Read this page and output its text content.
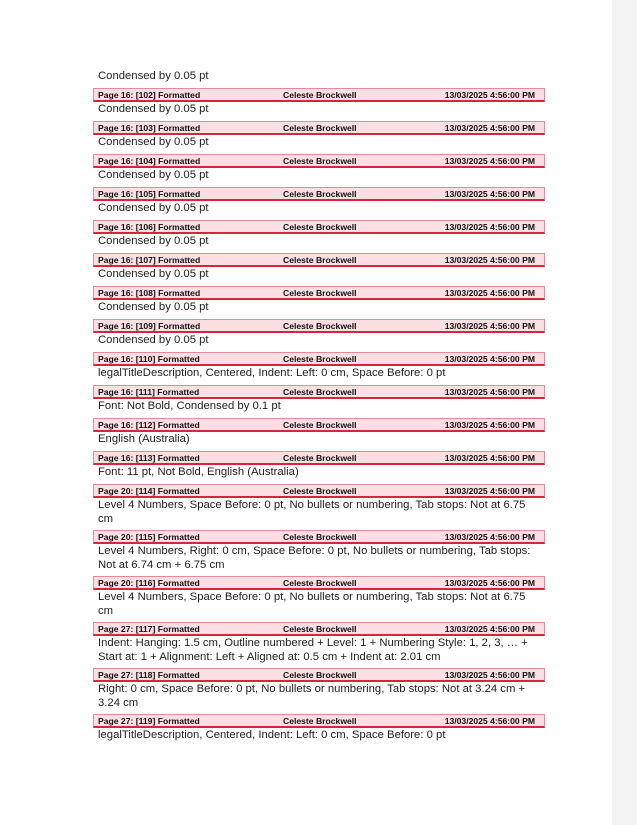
Condensed by 0.05 pt
Page 16: [102] Formatted	Celeste Brockwell	13/03/2025 4:56:00 PM
Condensed by 0.05 pt
Page 16: [103] Formatted	Celeste Brockwell	13/03/2025 4:56:00 PM
Condensed by 0.05 pt
Page 16: [104] Formatted	Celeste Brockwell	13/03/2025 4:56:00 PM
Condensed by 0.05 pt
Page 16: [105] Formatted	Celeste Brockwell	13/03/2025 4:56:00 PM
Condensed by 0.05 pt
Page 16: [106] Formatted	Celeste Brockwell	13/03/2025 4:56:00 PM
Condensed by 0.05 pt
Page 16: [107] Formatted	Celeste Brockwell	13/03/2025 4:56:00 PM
Condensed by 0.05 pt
Page 16: [108] Formatted	Celeste Brockwell	13/03/2025 4:56:00 PM
Condensed by 0.05 pt
Page 16: [109] Formatted	Celeste Brockwell	13/03/2025 4:56:00 PM
Condensed by 0.05 pt
Page 16: [110] Formatted	Celeste Brockwell	13/03/2025 4:56:00 PM
legalTitleDescription, Centered, Indent: Left: 0 cm, Space Before: 0 pt
Page 16: [111] Formatted	Celeste Brockwell	13/03/2025 4:56:00 PM
Font: Not Bold, Condensed by 0.1 pt
Page 16: [112] Formatted	Celeste Brockwell	13/03/2025 4:56:00 PM
English (Australia)
Page 16: [113] Formatted	Celeste Brockwell	13/03/2025 4:56:00 PM
Font: 11 pt, Not Bold, English (Australia)
Page 20: [114] Formatted	Celeste Brockwell	13/03/2025 4:56:00 PM
Level 4 Numbers, Space Before: 0 pt, No bullets or numbering, Tab stops: Not at 6.75 cm
Page 20: [115] Formatted	Celeste Brockwell	13/03/2025 4:56:00 PM
Level 4 Numbers, Right: 0 cm, Space Before: 0 pt, No bullets or numbering, Tab stops: Not at 6.74 cm + 6.75 cm
Page 20: [116] Formatted	Celeste Brockwell	13/03/2025 4:56:00 PM
Level 4 Numbers, Space Before: 0 pt, No bullets or numbering, Tab stops: Not at 6.75 cm
Page 27: [117] Formatted	Celeste Brockwell	13/03/2025 4:56:00 PM
Indent: Hanging: 1.5 cm, Outline numbered + Level: 1 + Numbering Style: 1, 2, 3, … + Start at: 1 + Alignment: Left + Aligned at: 0.5 cm + Indent at: 2.01 cm
Page 27: [118] Formatted	Celeste Brockwell	13/03/2025 4:56:00 PM
Right: 0 cm, Space Before: 0 pt, No bullets or numbering, Tab stops: Not at 3.24 cm + 3.24 cm
Page 27: [119] Formatted	Celeste Brockwell	13/03/2025 4:56:00 PM
legalTitleDescription, Centered, Indent: Left: 0 cm, Space Before: 0 pt
